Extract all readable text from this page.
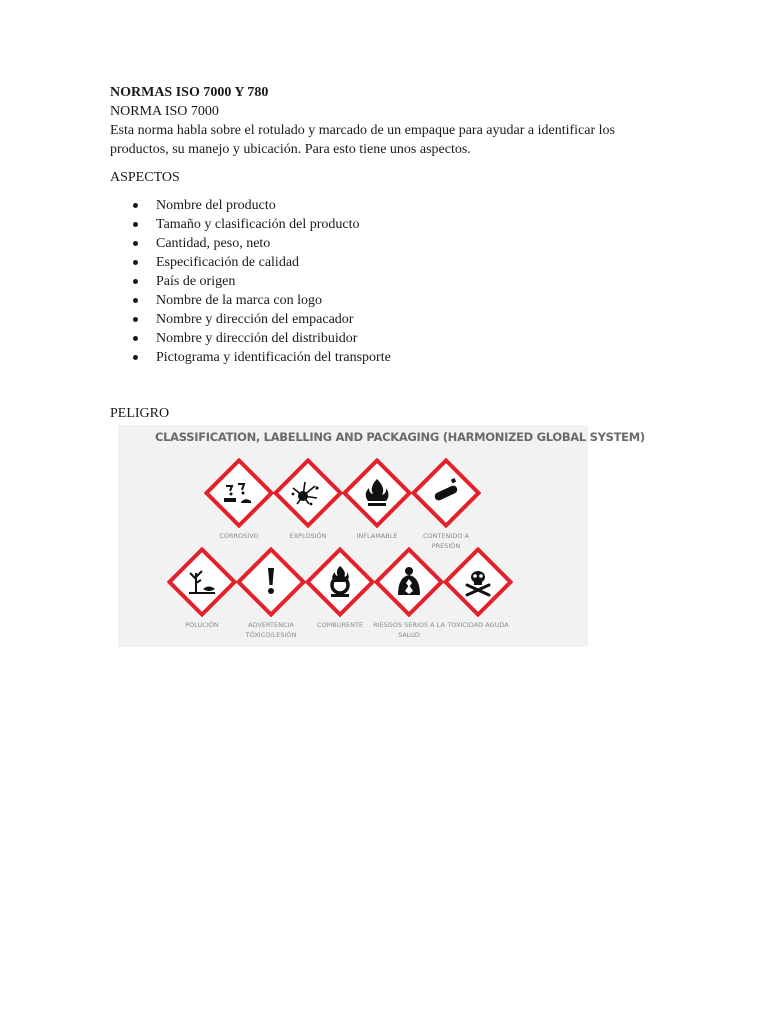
NORMAS ISO 7000 Y 780

NORMA ISO 7000

Esta norma habla sobre el rotulado y marcado de un empaque para ayudar a identificar los productos, su manejo y ubicación. Para esto tiene unos aspectos.

ASPECTOS

Nombre del producto
Tamaño y clasificación del producto
Cantidad, peso, neto
Especificación de calidad
País de origen
Nombre de la marca con logo
Nombre y dirección del empacador
Nombre y dirección del distribuidor
Pictograma y identificación del transporte

PELIGRO

CLASSIFICATION, LABELLING AND PACKAGING (HARMONIZED GLOBAL SYSTEM)
CORROSIVO	EXPLOSIÓN	INFLAMABLE	CONTENIDO A PRESIÓN
POLUCIÓN	ADVERTENCIA TÓXICO/LESIÓN
COMBURENTE	RIESGOS SERIOS A LA SALUD
TOXICIDAD AGUDA
